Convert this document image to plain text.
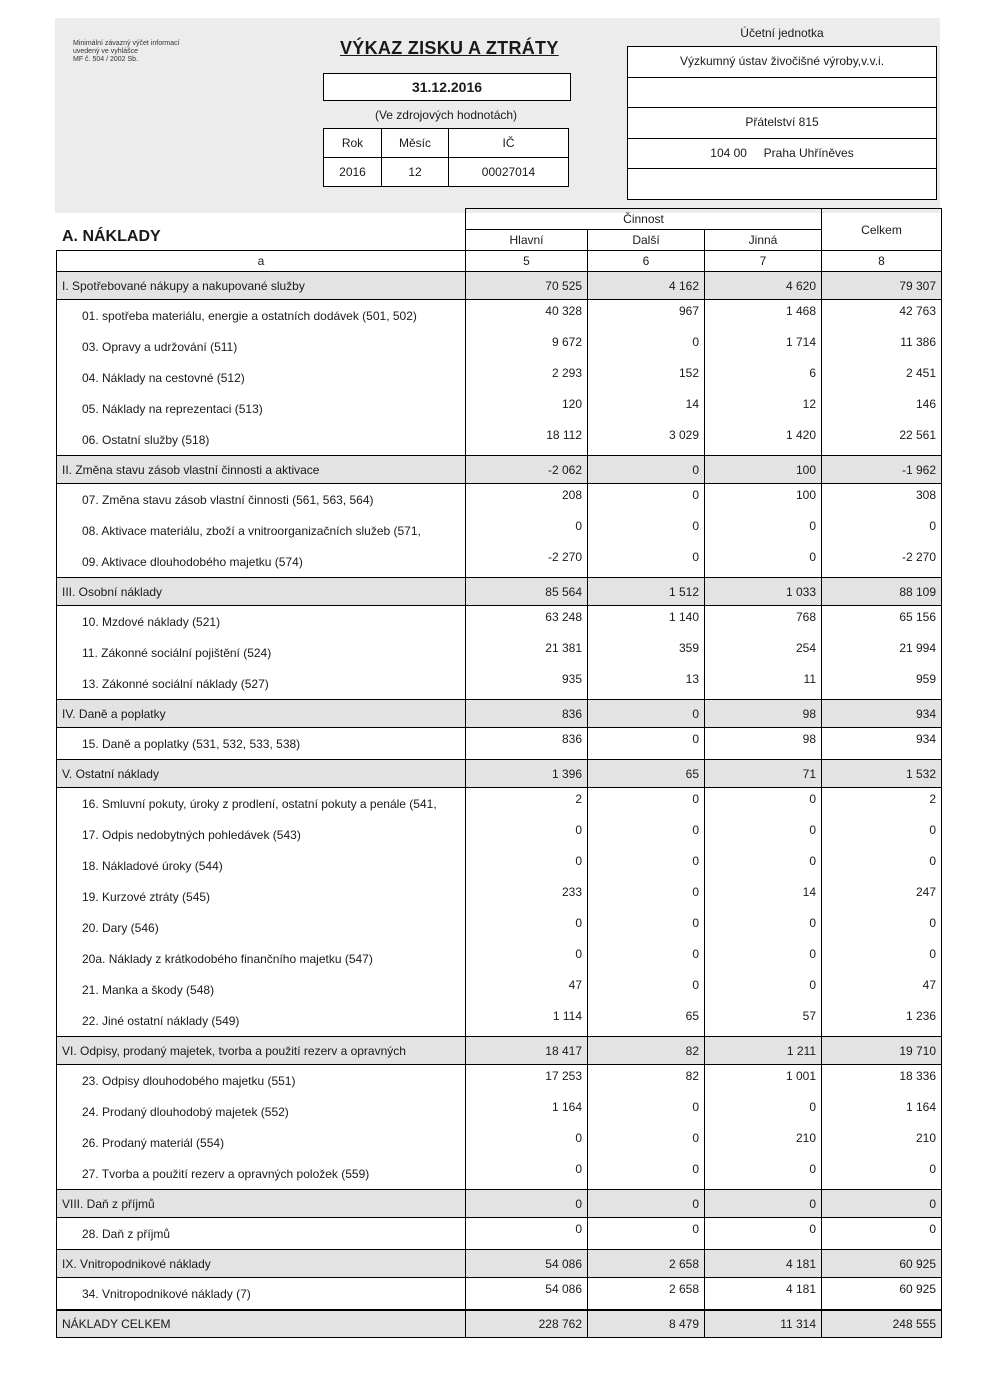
Minimální závazný výčet informací
uvedený ve vyhlášce
MF č. 504 / 2002 Sb.
VÝKAZ ZISKU A ZTRÁTY
31.12.2016
(Ve zdrojových hodnotách)
Rok	Měsíc	IČ
2016	12	00027014
Účetní jednotka
Výzkumný ústav živočišné výroby,v.v.i.
Přátelství 815
104 00 Praha Uhříněves
A. NÁKLADY
	Činnost			Celkem
	Hlavní	Další	Jinná	
a	5	6	7	8
I. Spotřebované nákupy a nakupované služby	70 525	4 162	4 620	79 307
01. spotřeba materiálu, energie a ostatních dodávek (501, 502)	40 328	967	1 468	42 763
03. Opravy a udržování (511)	9 672	0	1 714	11 386
04. Náklady na cestovné (512)	2 293	152	6	2 451
05. Náklady na reprezentaci (513)	120	14	12	146
06. Ostatní služby (518)	18 112	3 029	1 420	22 561
II. Změna stavu zásob vlastní činnosti a aktivace	-2 062	0	100	-1 962
07. Změna stavu zásob vlastní činnosti (561, 563, 564)	208	0	100	308
08. Aktivace materiálu, zboží a vnitroorganizačních služeb (571,	0	0	0	0
09. Aktivace dlouhodobého majetku (574)	-2 270	0	0	-2 270
III. Osobní náklady	85 564	1 512	1 033	88 109
10. Mzdové náklady (521)	63 248	1 140	768	65 156
11. Zákonné sociální pojištění (524)	21 381	359	254	21 994
13. Zákonné sociální náklady (527)	935	13	11	959
IV. Daně a poplatky	836	0	98	934
15. Daně a poplatky (531, 532, 533, 538)	836	0	98	934
V. Ostatní náklady	1 396	65	71	1 532
16. Smluvní pokuty, úroky z prodlení, ostatní pokuty a penále (541,	2	0	0	2
17. Odpis nedobytných pohledávek (543)	0	0	0	0
18. Nákladové úroky (544)	0	0	0	0
19. Kurzové ztráty (545)	233	0	14	247
20. Dary (546)	0	0	0	0
20a. Náklady z krátkodobého finančního majetku (547)	0	0	0	0
21. Manka a škody (548)	47	0	0	47
22. Jiné ostatní náklady (549)	1 114	65	57	1 236
VI. Odpisy, prodaný majetek, tvorba a použití rezerv a opravných	18 417	82	1 211	19 710
23. Odpisy dlouhodobého majetku (551)	17 253	82	1 001	18 336
24. Prodaný dlouhodobý majetek (552)	1 164	0	0	1 164
26. Prodaný materiál (554)	0	0	210	210
27. Tvorba a použití rezerv a opravných položek (559)	0	0	0	0
VIII. Daň z příjmů	0	0	0	0
28. Daň z příjmů	0	0	0	0
IX. Vnitropodnikové náklady	54 086	2 658	4 181	60 925
34. Vnitropodnikové náklady (7)	54 086	2 658	4 181	60 925
NÁKLADY CELKEM	228 762	8 479	11 314	248 555
